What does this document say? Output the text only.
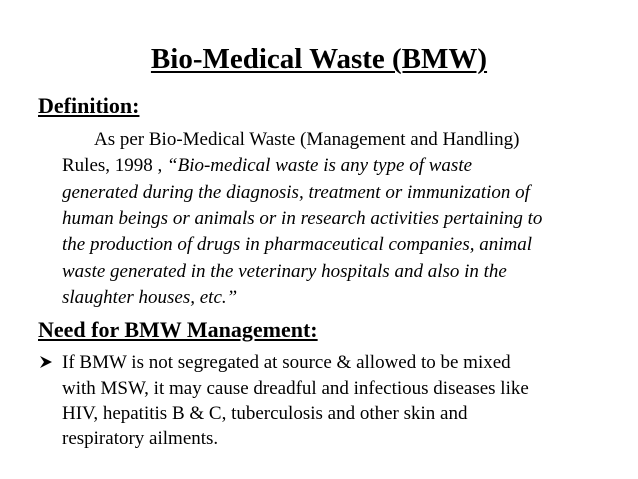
Bio-Medical Waste (BMW)
Definition:
As per Bio-Medical Waste (Management and Handling)
Rules, 1998 , “Bio-medical waste is any type of waste
generated during the diagnosis, treatment or immunization of
human beings or animals or in research activities pertaining to
the production of drugs in pharmaceutical companies, animal
waste generated in the veterinary hospitals and also in the
slaughter houses, etc.”
Need for BMW Management:
If BMW is not segregated at source & allowed to be mixed
with MSW, it may cause dreadful and infectious diseases like
HIV, hepatitis B & C, tuberculosis and other skin and
respiratory ailments.
